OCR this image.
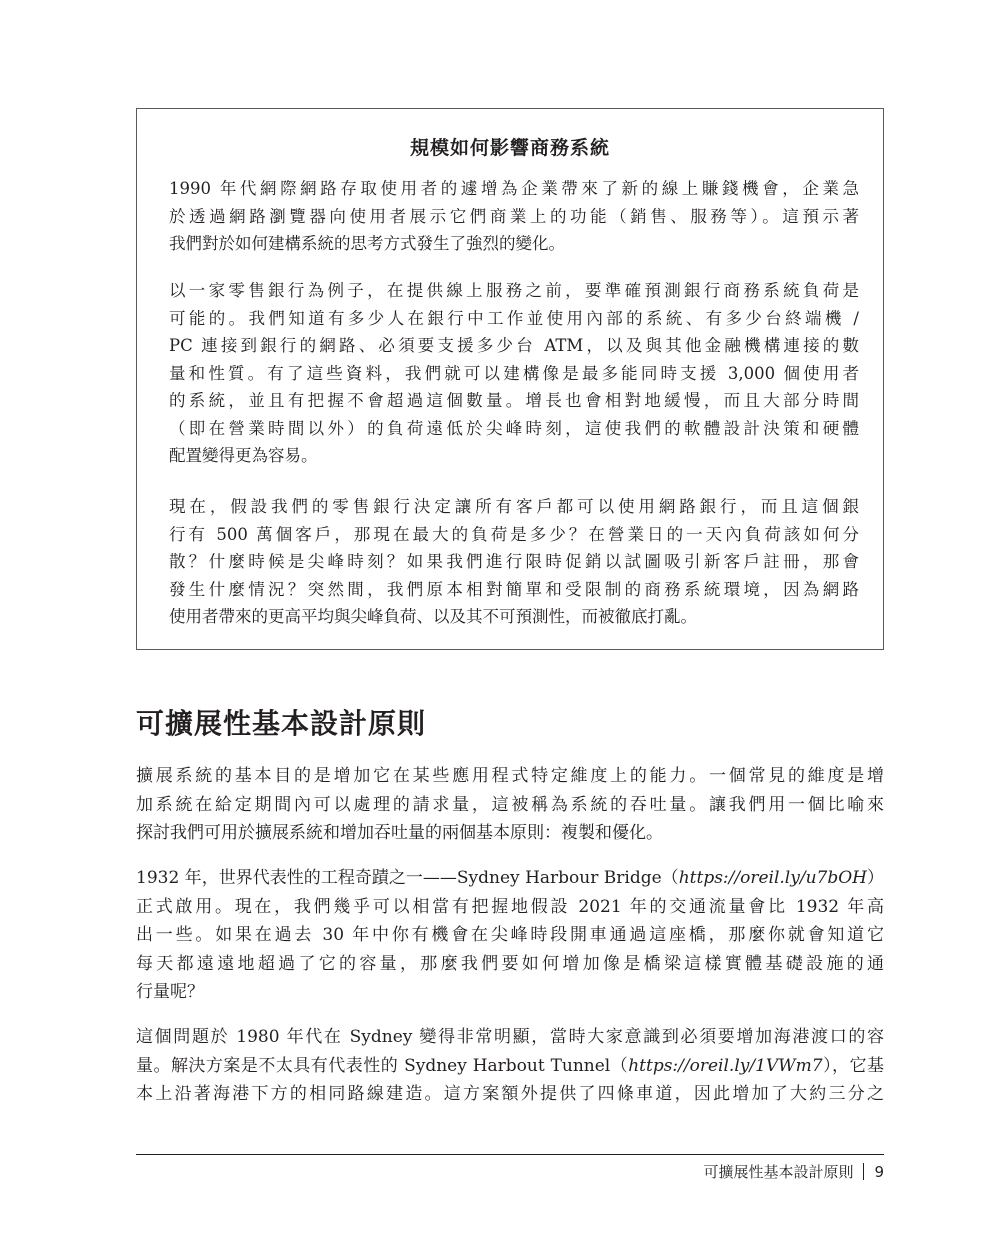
規模如何影響商務系統

1990 年代網際網路存取使用者的遽增為企業帶來了新的線上賺錢機會，企業急
於透過網路瀏覽器向使用者展示它們商業上的功能（銷售、服務等）。這預示著
我們對於如何建構系統的思考方式發生了強烈的變化。

以一家零售銀行為例子，在提供線上服務之前，要準確預測銀行商務系統負荷是
可能的。我們知道有多少人在銀行中工作並使用內部的系統、有多少台終端機 /
PC 連接到銀行的網路、必須要支援多少台 ATM，以及與其他金融機構連接的數
量和性質。有了這些資料，我們就可以建構像是最多能同時支援 3,000 個使用者
的系統，並且有把握不會超過這個數量。增長也會相對地緩慢，而且大部分時間
（即在營業時間以外）的負荷遠低於尖峰時刻，這使我們的軟體設計決策和硬體
配置變得更為容易。

現在，假設我們的零售銀行決定讓所有客戶都可以使用網路銀行，而且這個銀
行有 500 萬個客戶，那現在最大的負荷是多少？在營業日的一天內負荷該如何分
散？什麼時候是尖峰時刻？如果我們進行限時促銷以試圖吸引新客戶註冊，那會
發生什麼情況？突然間，我們原本相對簡單和受限制的商務系統環境，因為網路
使用者帶來的更高平均與尖峰負荷、以及其不可預測性，而被徹底打亂。

可擴展性基本設計原則

擴展系統的基本目的是增加它在某些應用程式特定維度上的能力。一個常見的維度是增
加系統在給定期間內可以處理的請求量，這被稱為系統的吞吐量。讓我們用一個比喻來
探討我們可用於擴展系統和增加吞吐量的兩個基本原則：複製和優化。

1932 年，世界代表性的工程奇蹟之一——Sydney Harbour Bridge（https://oreil.ly/u7bOH）
正式啟用。現在，我們幾乎可以相當有把握地假設 2021 年的交通流量會比 1932 年高
出一些。如果在過去 30 年中你有機會在尖峰時段開車通過這座橋，那麼你就會知道它
每天都遠遠地超過了它的容量，那麼我們要如何增加像是橋梁這樣實體基礎設施的通
行量呢？

這個問題於 1980 年代在 Sydney 變得非常明顯，當時大家意識到必須要增加海港渡口的容
量。解決方案是不太具有代表性的 Sydney Harbout Tunnel（https://oreil.ly/1VWm7），它基
本上沿著海港下方的相同路線建造。這方案額外提供了四條車道，因此增加了大約三分之

可擴展性基本設計原則 9
